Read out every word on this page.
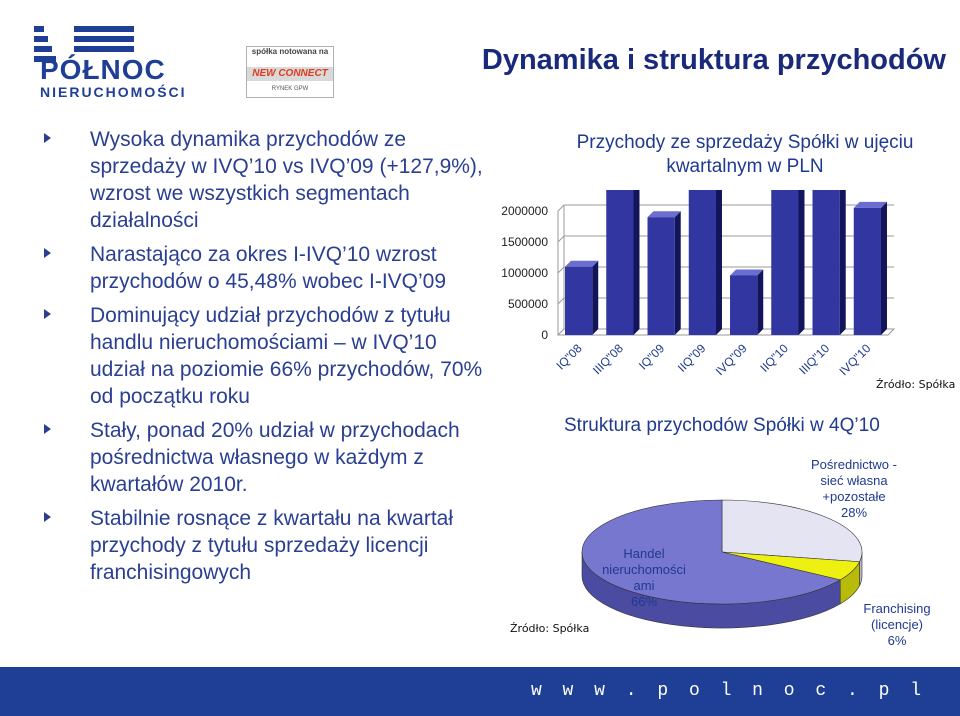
PÓŁNOC
NIERUCHOMOŚCI
spółka notowana na
NEW CONNECT
RYNEK GPW
Dynamika i struktura przychodów
Wysoka dynamika przychodów ze sprzedaży w IVQ’10 vs IVQ’09 (+127,9%), wzrost we wszystkich segmentach działalności
Narastająco za okres I-IVQ’10 wzrost przychodów o 45,48% wobec I-IVQ’09
Dominujący udział przychodów z tytułu handlu nieruchomościami – w IVQ’10 udział na poziomie 66% przychodów, 70% od początku roku
Stały, ponad 20% udział w przychodach pośrednictwa własnego w każdym z kwartałów 2010r.
Stabilnie rosnące z kwartału na kwartał przychody z tytułu sprzedaży licencji franchisingowych
Przychody ze sprzedaży Spółki w ujęciu kwartalnym w PLN
0
500000
1000000
1500000
2000000
IQ"08 IIIQ"08 IQ"09 IIQ"09 IVQ"09 IIQ"10 IIIQ"10 IVQ"10
Źródło: Spółka
Struktura przychodów Spółki w 4Q’10
Pośrednictwo -sieć własna +pozostałe
28%
Franchising (licencje)
6%
Handel nieruchomości ami
66%
Źródło: Spółka
w w w . p o l n o c . p l
